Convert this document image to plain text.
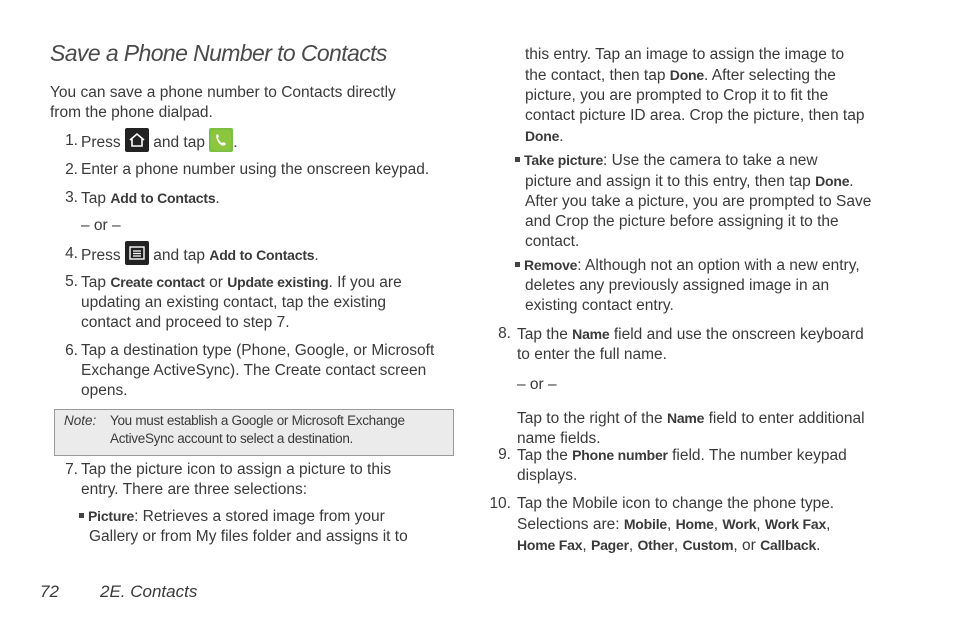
Save a Phone Number to Contacts
You can save a phone number to Contacts directly
from the phone dialpad.
1. Press and tap .
2. Enter a phone number using the onscreen keypad.
3. Tap Add to Contacts.
– or –
4. Press and tap Add to Contacts.
5. Tap Create contact or Update existing. If you are
updating an existing contact, tap the existing
contact and proceed to step 7.
6. Tap a destination type (Phone, Google, or Microsoft
Exchange ActiveSync). The Create contact screen
opens.
Note: You must establish a Google or Microsoft Exchange
ActiveSync account to select a destination.
7. Tap the picture icon to assign a picture to this
entry. There are three selections:
Picture: Retrieves a stored image from your
Gallery or from My files folder and assigns it to
this entry. Tap an image to assign the image to
the contact, then tap Done. After selecting the
picture, you are prompted to Crop it to fit the
contact picture ID area. Crop the picture, then tap
Done.
Take picture: Use the camera to take a new
picture and assign it to this entry, then tap Done.
After you take a picture, you are prompted to Save
and Crop the picture before assigning it to the
contact.
Remove: Although not an option with a new entry,
deletes any previously assigned image in an
existing contact entry.
8. Tap the Name field and use the onscreen keyboard
to enter the full name.
– or –
Tap to the right of the Name field to enter additional
name fields.
9. Tap the Phone number field. The number keypad
displays.
10. Tap the Mobile icon to change the phone type.
Selections are: Mobile, Home, Work, Work Fax,
Home Fax, Pager, Other, Custom, or Callback.
72 2E. Contacts
